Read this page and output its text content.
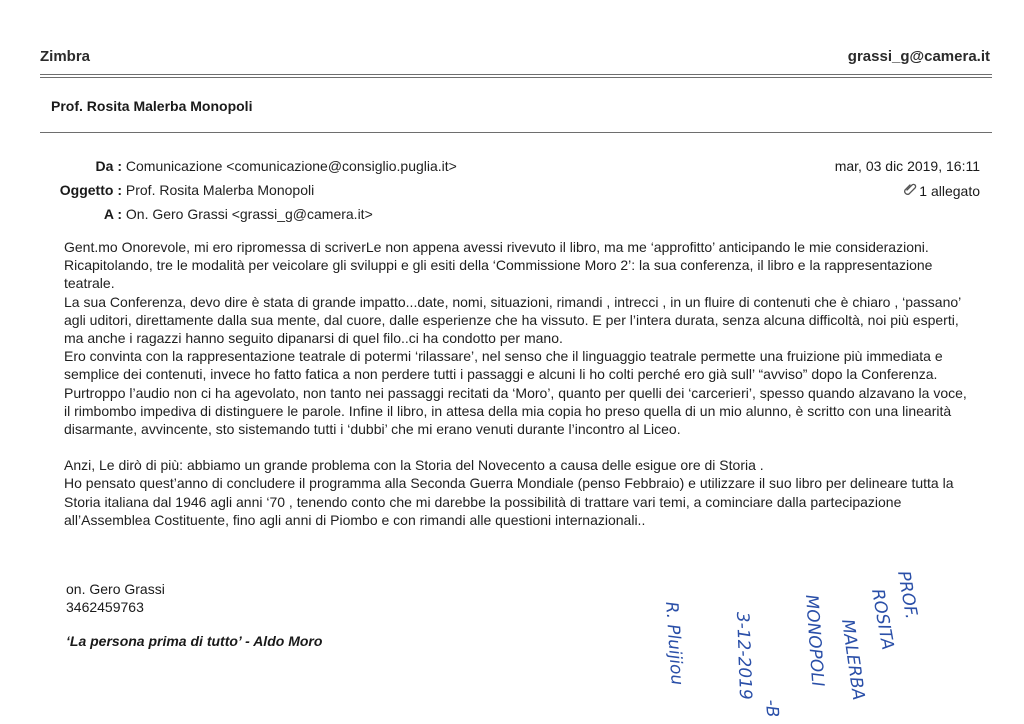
Zimbra	grassi_g@camera.it
Prof. Rosita Malerba Monopoli
Da : Comunicazione <comunicazione@consiglio.puglia.it>
Oggetto : Prof. Rosita Malerba Monopoli
A : On. Gero Grassi <grassi_g@camera.it>
mar, 03 dic 2019, 16:11
1 allegato

Gent.mo Onorevole, mi ero ripromessa di scriverLe non appena avessi rivevuto il libro, ma me ‘approfitto’ anticipando le mie considerazioni.

Ricapitolando, tre le modalità per veicolare gli sviluppi e gli esiti della ‘Commissione Moro 2’: la sua conferenza, il libro e la rappresentazione teatrale.

La sua Conferenza, devo dire è stata di grande impatto...date, nomi, situazioni, rimandi , intrecci , in un fluire di contenuti che è chiaro , ‘passano’ agli uditori, direttamente dalla sua mente, dal cuore, dalle esperienze che ha vissuto. E per l’intera durata, senza alcuna difficoltà, noi più esperti, ma anche i ragazzi hanno seguito dipanarsi di quel filo..ci ha condotto per mano.

Ero convinta con la rappresentazione teatrale di potermi ‘rilassare’, nel senso che il linguaggio teatrale permette una fruizione più immediata e semplice dei contenuti, invece ho fatto fatica a non perdere tutti i passaggi e alcuni li ho colti perché ero già sull’ “avviso” dopo la Conferenza. Purtroppo l’audio non ci ha agevolato, non tanto nei passaggi recitati da ‘Moro’, quanto per quelli dei ‘carcerieri’, spesso quando alzavano la voce, il rimbombo impediva di distinguere le parole. Infine il libro, in attesa della mia copia ho preso quella di un mio alunno, è scritto con una linearità disarmante, avvincente, sto sistemando tutti i ‘dubbi’ che mi erano venuti durante l’incontro al Liceo.

Anzi, Le dirò di più: abbiamo un grande problema con la Storia del Novecento a causa delle esigue ore di Storia .

Ho pensato quest’anno di concludere il programma alla Seconda Guerra Mondiale (penso Febbraio) e utilizzare il suo libro per delineare tutta la Storia italiana dal 1946 agli anni ‘70 , tenendo conto che mi darebbe la possibilità di trattare vari temi, a cominciare dalla partecipazione all’Assemblea Costituente, fino agli anni di Piombo e con rimandi alle questioni internazionali..

on. Gero Grassi
3462459763
‘La persona prima di tutto’ - Aldo Moro
PROF.
ROSITA
MALERBA
MONOPOLI
3-12-2019
R. Pluijiou
-B
